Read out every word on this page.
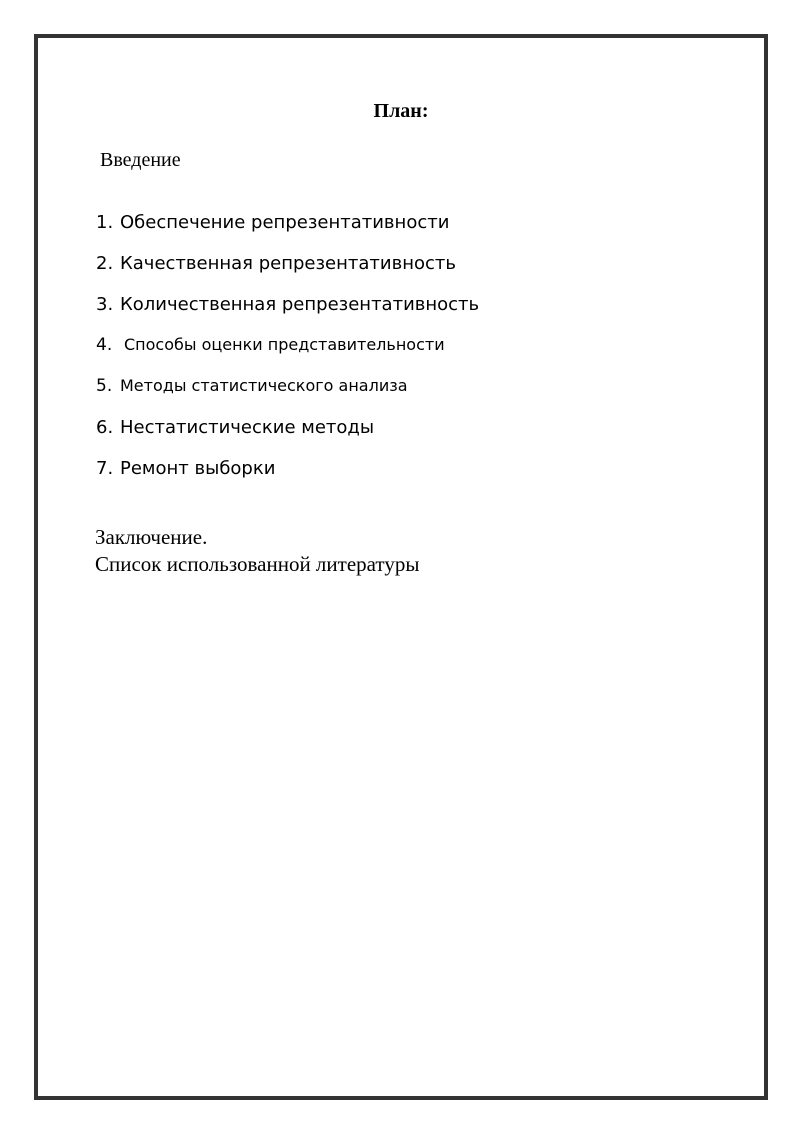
План:
Введение
1. Обеспечение репрезентативности
2. Качественная репрезентативность
3. Количественная репрезентативность
4. Способы оценки представительности
5. Методы статистического анализа
6. Нестатистические методы
7. Ремонт выборки
Заключение.
Список использованной литературы
